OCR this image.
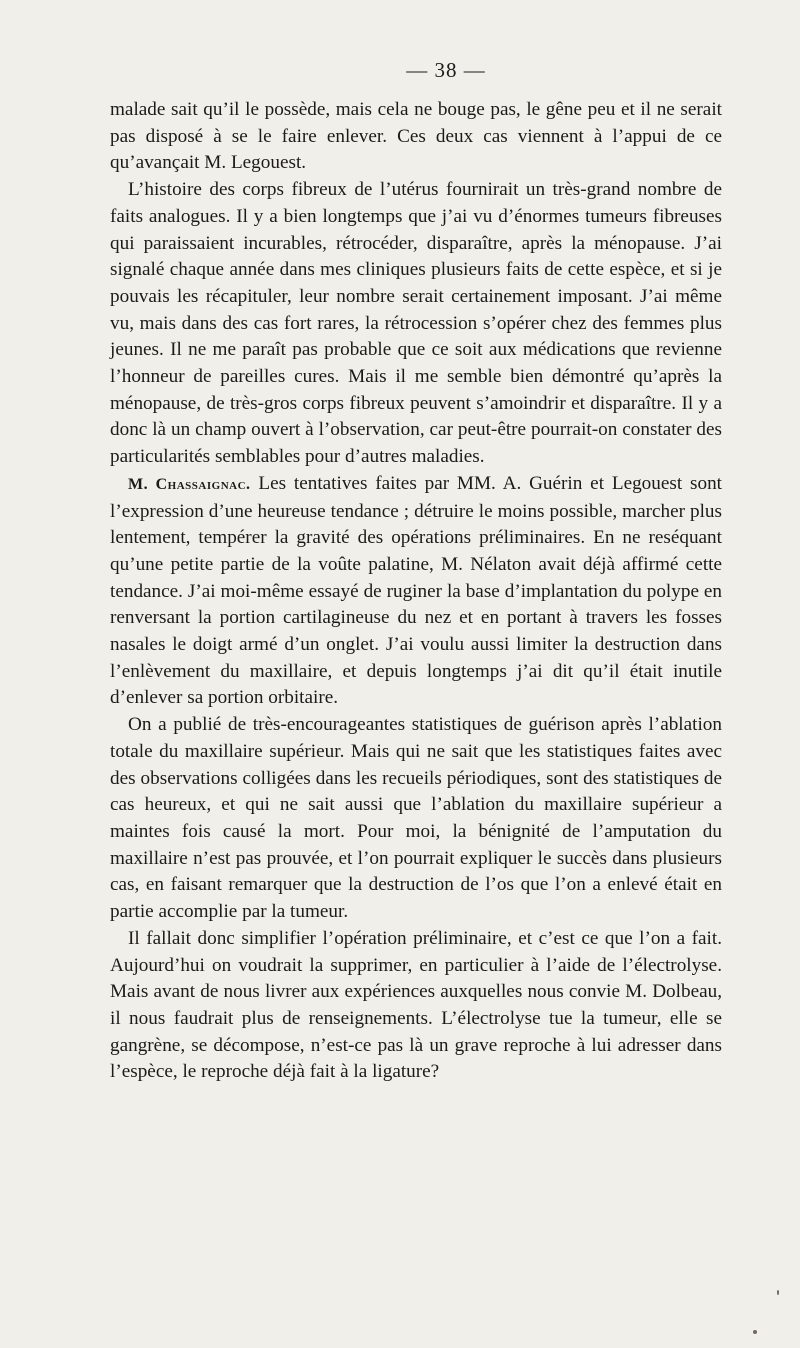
— 38 —

malade sait qu’il le possède, mais cela ne bouge pas, le gêne peu et il ne serait pas disposé à se le faire enlever. Ces deux cas viennent à l’appui de ce qu’avançait M. Legouest.

L’histoire des corps fibreux de l’utérus fournirait un très-grand nombre de faits analogues. Il y a bien longtemps que j’ai vu d’énormes tumeurs fibreuses qui paraissaient incurables, rétrocéder, disparaître, après la ménopause. J’ai signalé chaque année dans mes cliniques plusieurs faits de cette espèce, et si je pouvais les récapituler, leur nombre serait certainement imposant. J’ai même vu, mais dans des cas fort rares, la rétrocession s’opérer chez des femmes plus jeunes. Il ne me paraît pas probable que ce soit aux médications que revienne l’honneur de pareilles cures. Mais il me semble bien démontré qu’après la ménopause, de très-gros corps fibreux peuvent s’amoindrir et disparaître. Il y a donc là un champ ouvert à l’observation, car peut-être pourrait-on constater des particularités semblables pour d’autres maladies.

M. Chassaignac. Les tentatives faites par MM. A. Guérin et Legouest sont l’expression d’une heureuse tendance ; détruire le moins possible, marcher plus lentement, tempérer la gravité des opérations préliminaires. En ne reséquant qu’une petite partie de la voûte palatine, M. Nélaton avait déjà affirmé cette tendance. J’ai moi-même essayé de ruginer la base d’implantation du polype en renversant la portion cartilagineuse du nez et en portant à travers les fosses nasales le doigt armé d’un onglet. J’ai voulu aussi limiter la destruction dans l’enlèvement du maxillaire, et depuis longtemps j’ai dit qu’il était inutile d’enlever sa portion orbitaire.

On a publié de très-encourageantes statistiques de guérison après l’ablation totale du maxillaire supérieur. Mais qui ne sait que les statistiques faites avec des observations colligées dans les recueils périodiques, sont des statistiques de cas heureux, et qui ne sait aussi que l’ablation du maxillaire supérieur a maintes fois causé la mort. Pour moi, la bénignité de l’amputation du maxillaire n’est pas prouvée, et l’on pourrait expliquer le succès dans plusieurs cas, en faisant remarquer que la destruction de l’os que l’on a enlevé était en partie accomplie par la tumeur.

Il fallait donc simplifier l’opération préliminaire, et c’est ce que l’on a fait. Aujourd’hui on voudrait la supprimer, en particulier à l’aide de l’électrolyse. Mais avant de nous livrer aux expériences auxquelles nous convie M. Dolbeau, il nous faudrait plus de renseignements. L’électrolyse tue la tumeur, elle se gangrène, se décompose, n’est-ce pas là un grave reproche à lui adresser dans l’espèce, le reproche déjà fait à la ligature?
